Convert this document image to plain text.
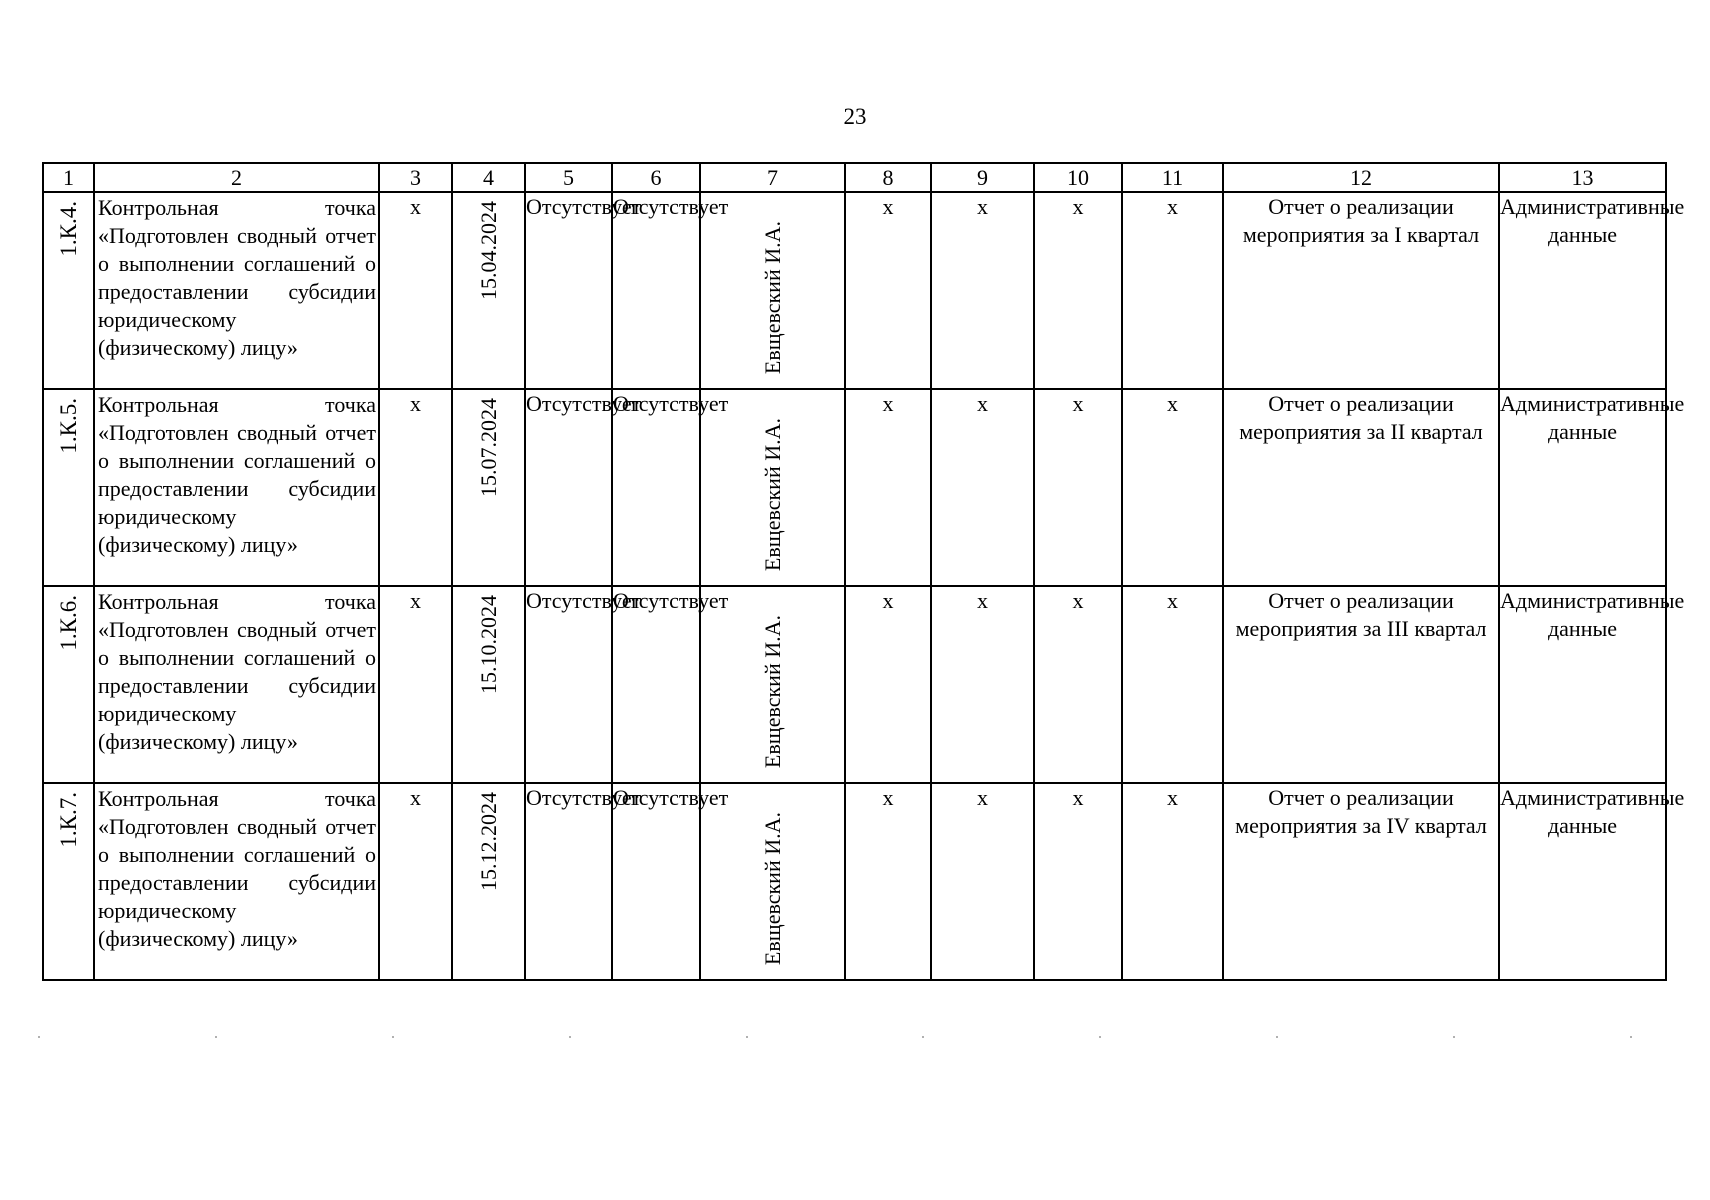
23
1	2	3	4	5	6	7	8	9	10	11	12	13

1.К.4.	Контрольная точка «Подготовлен сводный отчет о выполнении соглашений о предоставлении субсидии юридическому (физическому) лицу»	х	15.04.2024	Отсутствует	Отсутствует	Евщевский И.А.	х	х	х	х	Отчет о реализации мероприятия за I квартал	Административные данные

1.К.5.	Контрольная точка «Подготовлен сводный отчет о выполнении соглашений о предоставлении субсидии юридическому (физическому) лицу»	х	15.07.2024	Отсутствует	Отсутствует	Евщевский И.А.	х	х	х	х	Отчет о реализации мероприятия за II квартал	Административные данные

1.К.6.	Контрольная точка «Подготовлен сводный отчет о выполнении соглашений о предоставлении субсидии юридическому (физическому) лицу»	х	15.10.2024	Отсутствует	Отсутствует	Евщевский И.А.	х	х	х	х	Отчет о реализации мероприятия за III квартал	Административные данные

1.К.7.	Контрольная точка «Подготовлен сводный отчет о выполнении соглашений о предоставлении субсидии юридическому (физическому) лицу»	х	15.12.2024	Отсутствует	Отсутствует	Евщевский И.А.	х	х	х	х	Отчет о реализации мероприятия за IV квартал	Административные данные
